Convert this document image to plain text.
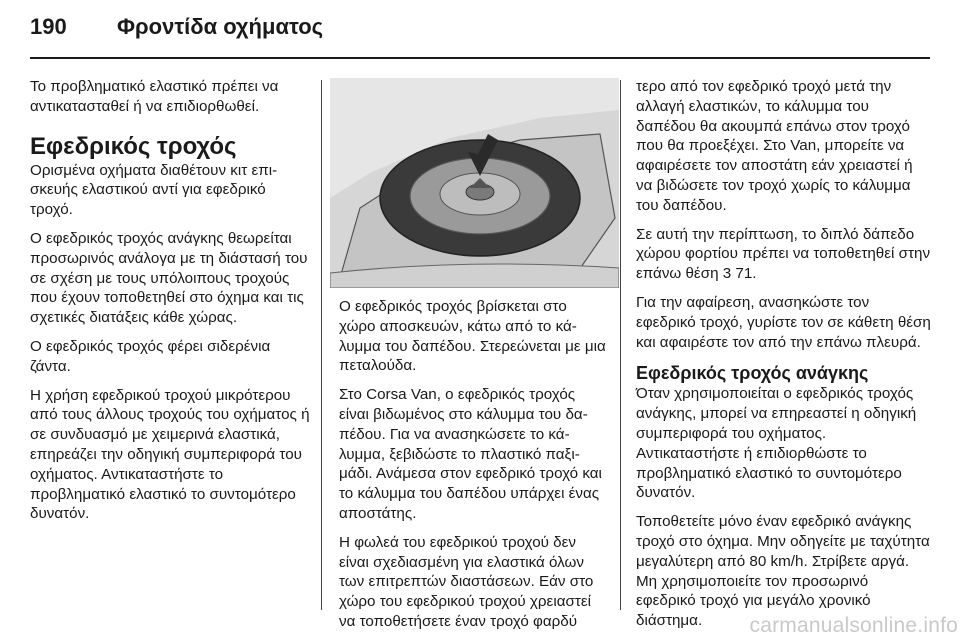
190 Φροντίδα οχήματος

Το προβληματικό ελαστικό πρέπει να αντικατασταθεί ή να επιδιορθωθεί.

Εφεδρικός τροχός

Ορισμένα οχήματα διαθέτουν κιτ επισκευής ελαστικού αντί για εφεδρικό τροχό.

Ο εφεδρικός τροχός ανάγκης θεωρείται προσωρινός ανάλογα με τη διάστασή του σε σχέση με τους υπόλοιπους τροχούς που έχουν τοποθετηθεί στο όχημα και τις σχετικές διατάξεις κάθε χώρας.

Ο εφεδρικός τροχός φέρει σιδερένια ζάντα.

Η χρήση εφεδρικού τροχού μικρότερου από τους άλλους τροχούς του οχήματος ή σε συνδυασμό με χειμερινά ελαστικά, επηρεάζει την οδηγική συμπεριφορά του οχήματος. Αντικαταστήστε το προβληματικό ελαστικό το συντομότερο δυνατόν.

Ο εφεδρικός τροχός βρίσκεται στο χώρο αποσκευών, κάτω από το κάλυμμα του δαπέδου. Στερεώνεται με μια πεταλούδα.

Στο Corsa Van, ο εφεδρικός τροχός είναι βιδωμένος στο κάλυμμα του δαπέδου. Για να ανασηκώσετε το κάλυμμα, ξεβιδώστε το πλαστικό παξιμάδι. Ανάμεσα στον εφεδρικό τροχό και το κάλυμμα του δαπέδου υπάρχει ένας αποστάτης.

Η φωλεά του εφεδρικού τροχού δεν είναι σχεδιασμένη για ελαστικά όλων των επιτρεπτών διαστάσεων. Εάν στο χώρο του εφεδρικού τροχού χρειαστεί να τοποθετήσετε έναν τροχό φαρδύ

τερο από τον εφεδρικό τροχό μετά την αλλαγή ελαστικών, το κάλυμμα του δαπέδου θα ακουμπά επάνω στον τροχό που θα προεξέχει. Στο Van, μπορείτε να αφαιρέσετε τον αποστάτη εάν χρειαστεί ή να βιδώσετε τον τροχό χωρίς το κάλυμμα του δαπέδου.

Σε αυτή την περίπτωση, το διπλό δάπεδο χώρου φορτίου πρέπει να τοποθετηθεί στην επάνω θέση 3 71.

Για την αφαίρεση, ανασηκώστε τον εφεδρικό τροχό, γυρίστε τον σε κάθετη θέση και αφαιρέστε τον από την επάνω πλευρά.

Εφεδρικός τροχός ανάγκης

Όταν χρησιμοποιείται ο εφεδρικός τροχός ανάγκης, μπορεί να επηρεαστεί η οδηγική συμπεριφορά του οχήματος. Αντικαταστήστε ή επιδιορθώστε το προβληματικό ελαστικό το συντομότερο δυνατόν.

Τοποθετείτε μόνο έναν εφεδρικό ανάγκης τροχό στο όχημα. Μην οδηγείτε με ταχύτητα μεγαλύτερη από 80 km/h. Στρίβετε αργά. Μη χρησιμοποιείτε τον προσωρινό εφεδρικό τροχό για μεγάλο χρονικό διάστημα.	carmanualsonline.info
